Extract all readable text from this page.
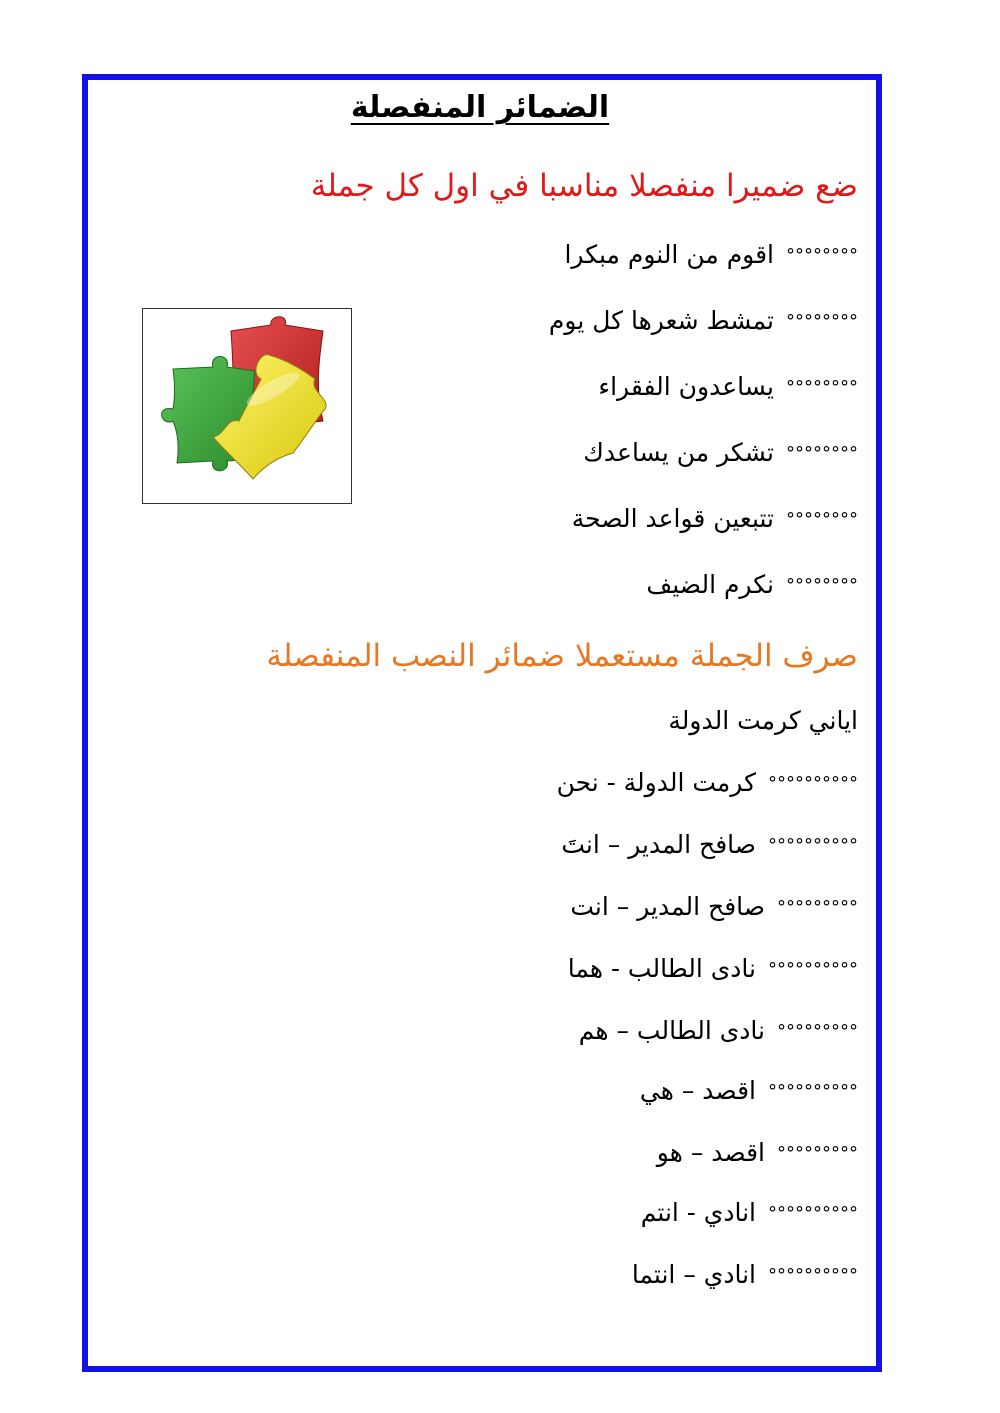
الضمائر المنفصلة
ضع ضميرا منفصلا مناسبا في اول كل جملة
°°°°°°°°اقوم من النوم مبكرا
°°°°°°°°تمشط شعرها كل يوم
°°°°°°°°يساعدون الفقراء
°°°°°°°°تشكر من يساعدك
°°°°°°°°تتبعين قواعد الصحة
°°°°°°°°نكرم الضيف
صرف الجملة مستعملا ضمائر النصب المنفصلة
اياني كرمت الدولة
°°°°°°°°°°كرمت الدولة - نحن
°°°°°°°°°°صافح المدير – انتَ
°°°°°°°°°صافح المدير – انت
°°°°°°°°°°نادى الطالب - هما
°°°°°°°°°نادى الطالب – هم
°°°°°°°°°°اقصد – هي
°°°°°°°°°اقصد – هو
°°°°°°°°°°انادي - انتم
°°°°°°°°°°انادي – انتما
